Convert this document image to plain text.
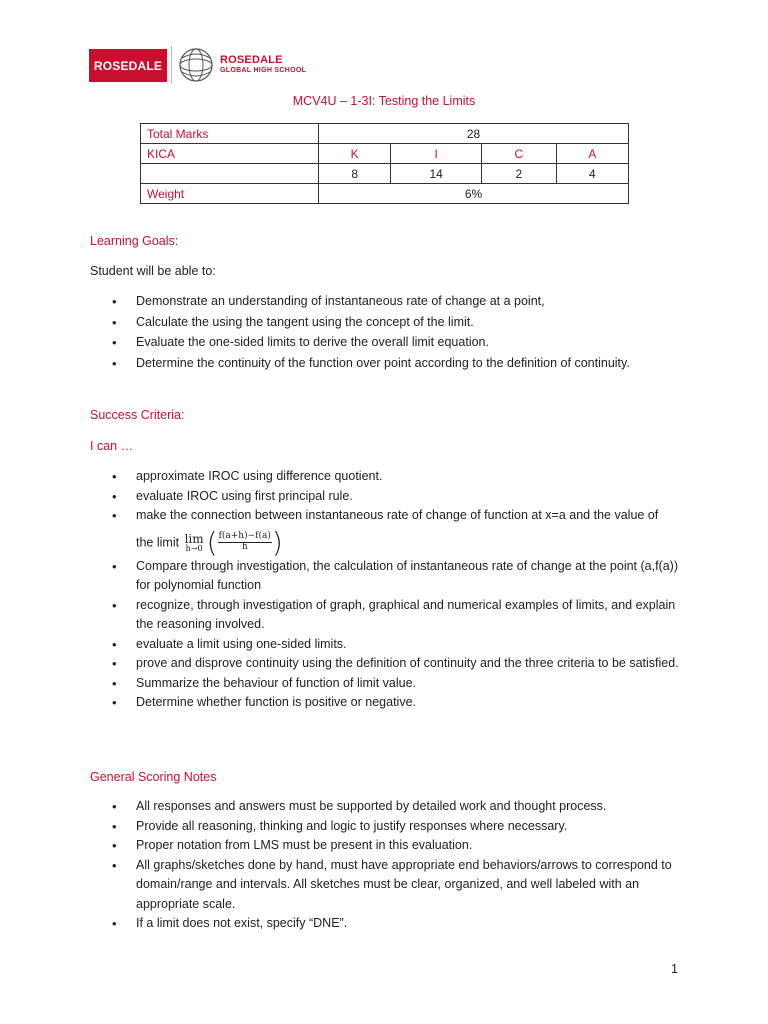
ROSEDALE	ROSEDALE
GLOBAL HIGH SCHOOL
MCV4U – 1-3I: Testing the Limits
Total Marks	28			
KICA	K	I	C	A
	8	14	2	4
Weight	6%			
Learning Goals:
Student will be able to:
• Demonstrate an understanding of instantaneous rate of change at a point,
• Calculate the using the tangent using the concept of the limit.
• Evaluate the one-sided limits to derive the overall limit equation.
• Determine the continuity of the function over point according to the definition of continuity.
Success Criteria:
I can …
• approximate IROC using difference quotient.
• evaluate IROC using first principal rule.
• make the connection between instantaneous rate of change of function at x=a and the value of
the limit lim
h→0 ( $\frac{f(a+h)-f(a)}{h}$ )
• Compare through investigation, the calculation of instantaneous rate of change at the point (a,f(a)) for polynomial function
• recognize, through investigation of graph, graphical and numerical examples of limits, and explain the reasoning involved.
• evaluate a limit using one-sided limits.
• prove and disprove continuity using the definition of continuity and the three criteria to be satisfied.
• Summarize the behaviour of function of limit value.
• Determine whether function is positive or negative.
General Scoring Notes
• All responses and answers must be supported by detailed work and thought process.
• Provide all reasoning, thinking and logic to justify responses where necessary.
• Proper notation from LMS must be present in this evaluation.
• All graphs/sketches done by hand, must have appropriate end behaviors/arrows to correspond to domain/range and intervals. All sketches must be clear, organized, and well labeled with an appropriate scale.
• If a limit does not exist, specify “DNE”.
1
